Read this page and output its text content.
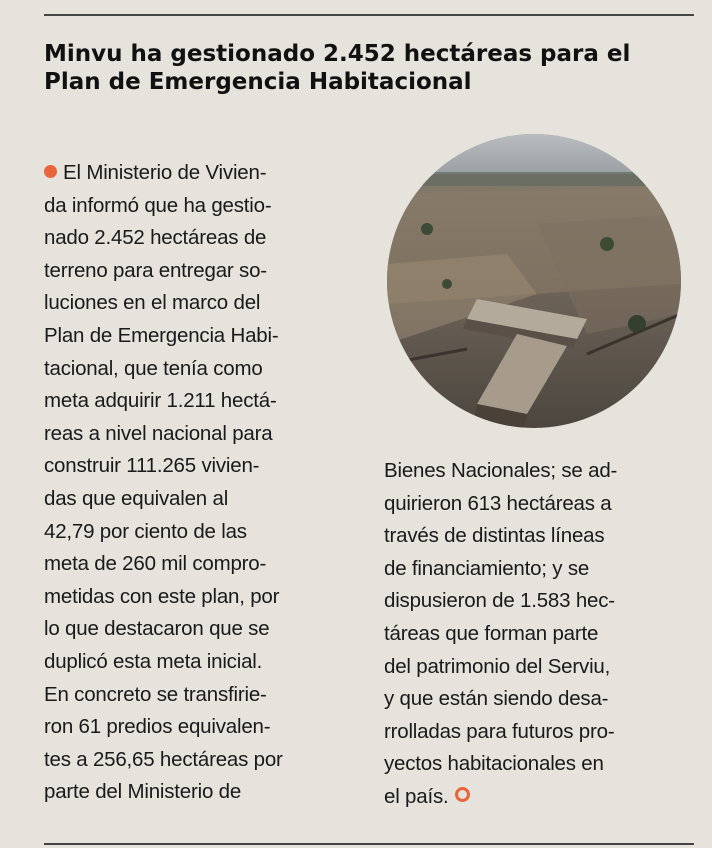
Minvu ha gestionado 2.452 hectáreas para el Plan de Emergencia Habitacional
El Ministerio de Vivien-
da informó que ha gestio-
nado 2.452 hectáreas de
terreno para entregar so-
luciones en el marco del
Plan de Emergencia Habi-
tacional, que tenía como
meta adquirir 1.211 hectá-
reas a nivel nacional para
construir 111.265 vivien-
das que equivalen al
42,79 por ciento de las
meta de 260 mil compro-
metidas con este plan, por
lo que destacaron que se
duplicó esta meta inicial.
En concreto se transfirie-
ron 61 predios equivalen-
tes a 256,65 hectáreas por
parte del Ministerio de
Bienes Nacionales; se ad-
quirieron 613 hectáreas a
través de distintas líneas
de financiamiento; y se
dispusieron de 1.583 hec-
táreas que forman parte
del patrimonio del Serviu,
y que están siendo desa-
rrolladas para futuros pro-
yectos habitacionales en
el país.
